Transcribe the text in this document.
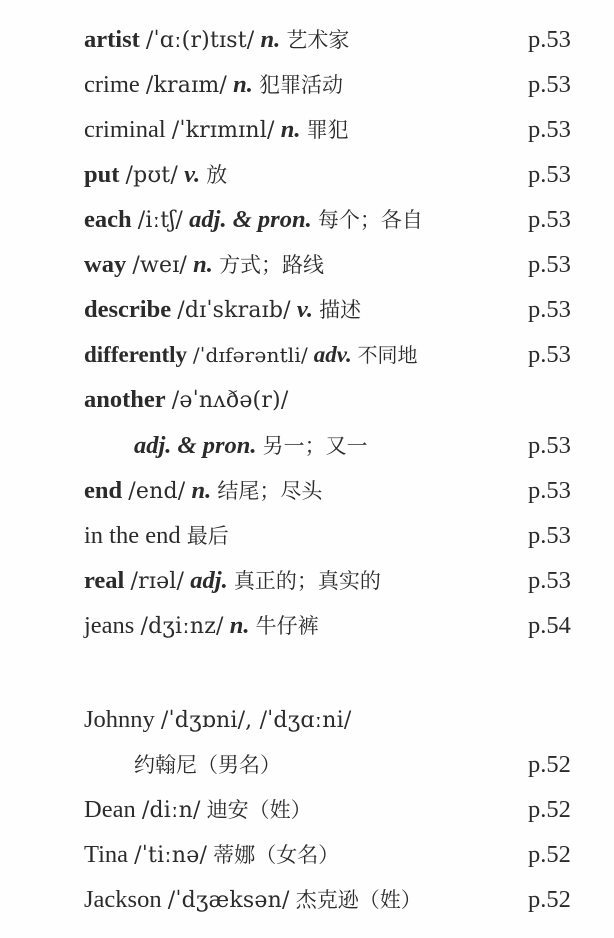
artist /ˈɑː(r)tɪst/ n. 艺术家	p.53
crime /kraɪm/ n. 犯罪活动	p.53
criminal /ˈkrɪmɪnl/ n. 罪犯	p.53
put /pʊt/ v. 放	p.53
each /iːtʃ/ adj. & pron. 每个；各自	p.53
way /weɪ/ n. 方式；路线	p.53
describe /dɪˈskraɪb/ v. 描述	p.53
differently /ˈdɪfərəntli/ adv. 不同地	p.53
another /əˈnʌðə(r)/
adj. & pron. 另一；又一	p.53
end /end/ n. 结尾；尽头	p.53
in the end 最后	p.53
real /rɪəl/ adj. 真正的；真实的	p.53
jeans /dʒiːnz/ n. 牛仔裤	p.54
Johnny /ˈdʒɒni/, /ˈdʒɑːni/
约翰尼（男名）	p.52
Dean /diːn/ 迪安（姓）	p.52
Tina /ˈtiːnə/ 蒂娜（女名）	p.52
Jackson /ˈdʒæksən/ 杰克逊（姓）	p.52
